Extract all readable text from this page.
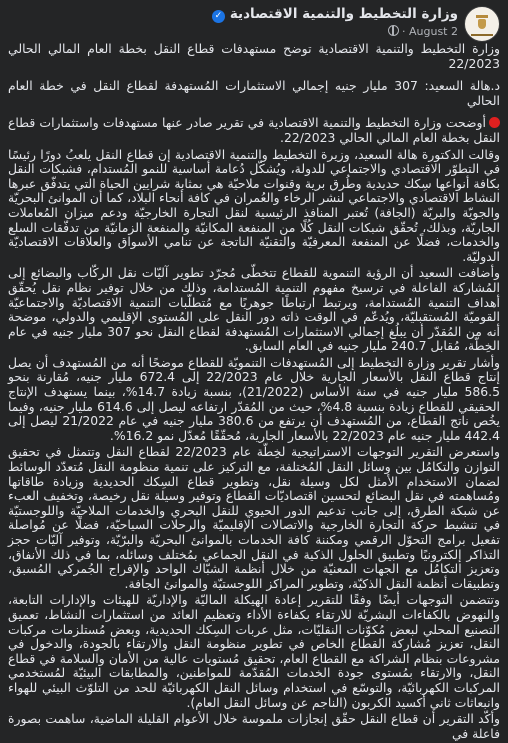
وزارة التخطيط والتنمية الاقتصادية
✓
August 2 ·

وزارة التخطيط والتنمية الاقتصادية توضح مستهدفات قطاع النقل بخطة العام المالي الحالي 22/2023

د.هالة السعيد: 307 مليار جنيه إجمالي الاستثمارات المُستهدفة لقطاع النقل في خطة العام الحالي

أوضحت وزارة التخطيط والتنمية الاقتصادية في تقرير صادر عنها مستهدفات واستثمارات قطاع النقل بخطة العام المالي الحالي 22/2023.

وقالت الدكتورة هالة السعيد، وزيرة التخطيط والتنمية الاقتصادية إن قطاع النقل يلعبُ دورًا رئيسًا في التطوّر الاقتصادي والاجتماعي للدولة، ويُشكّل دُعامة أساسية للنمو المُستدام، فشبكات النقل بكافة أنواعها سِكك حديدية وطُرق برية وقنوات ملاحيّة هي بمثابة شرايين الحياة التي يتدفّق عبرها النشاط الاقتصادي والاجتماعي لنشر الرخاء والعُمران في كافة أنحاء البلاد، كما أن الموانئ البحريّة والجويّة والبريّة (الجافة) تُعتبر المنافذ الرئيسية لنقل التجارة الخارجيّة ودعم ميزان المُعاملات الجاريّة، وبذلك، تُحقّق شبكات النقل كُلًا من المنفعة المكانيّة والمنفعة الزمانيّة من تدفّقات السلع والخدمات، فضلًا عن المنفعة المعرفيّة والتقنيّة الناتجة عن تنامي الأسواق والعلاقات الاقتصاديّة الدوليّة.

وأضافت السعيد أن الرؤية التنموية للقطاع تتخطّى مُجرّد تطوير آليّات نقل الركّاب والبضائع إلى المُشاركة الفاعلة في ترسيخ مفهوم التنمية المُستدامة، وذلك من خلال توفير نظام نقل يُحقّق أهداف التنمية المُستدامة، ويرتبط ارتباطًا جوهريًا مع مُتطلّبات التنمية الاقتصاديّة والاجتماعيّة القوميّة المُستقبليّة، ويُدعّم في الوقت ذاته دور النقل على المُستوى الإقليمي والدولي، موضحة أنه من المُقدّر أن يبلُغ إجمالي الاستثمارات المُستهدفة لقطاع النقل نحو 307 مليار جنيه في عام الخِطّة، مُقابل 240.7 مليار جنيه في العام السابق.

وأشار تقرير وزارة التخطيط إلى المُستهدفات التنمويّة للقطاع موضحًا أنه من المُستهدف أن يصل إنتاج قطاع النقل بالأسعار الجارية خلال عام 22/2023 إلى 672.4 مليار جنيه، مُقارنة بنحو 586.5 مليار جنيه في سنة الأساس (21/2022)، بنسبة زيادة 14.7%، بينما يستهدف الإنتاج الحقيقي للقطاع زيادة بنسبة 4.8%، حيث من المُقدّر ارتفاعه ليصل إلى 614.6 مليار جنيه، وفيما يخُص ناتج القطاع، من المُستهدف أن يرتفع من 380.6 مليار جنيه في عام 21/2022 ليصل إلى 442.4 مليار جنيه عام 22/2023 بالأسعار الجارية، مُحقّقًا مُعدّل نمو 16.2%.

واستعرض التقرير التوجهات الاستراتيجية لخِطّة عام 22/2023 لقطاع النقل وتتمثل في تحقيق التوازن والتكامُل بين وسائل النقل المُختلفة، مع التركيز على تنمية منظومة النقل مُتعدّد الوسائط لضمان الاستخدام الأمثل لكل وسيلة نقل، وتطوير قطاع السِكك الحديدية وزيادة طاقاتها ومُساهمته في نقل البضائع لتحسين اقتصاديّات القطاع وتوفير وسيلة نقل رخيصة، وتخفيف العبء عن شبكة الطرق، إلى جانب تدعيم الدور الحيوي للنقل البحري والخدمات الملاحيّة واللوجستيّة في تنشيط حركة التجارة الخارجية والاتصالات الإقليميّة والرحلات السياحيّة، فضلًا عن مُواصلة تفعيل برامج التحوّل الرقمي ومكننة كافة الخدمات بالموانئ البحريّة والبرّيّة، وتوفير آليّات حجز التذاكر إلكترونيًا وتطبيق الحلول الذكية في النقل الجماعي بمُختلف وسائله، بما في ذلك الأنفاق، وتعزيز التكامُل مع الجهات المعنيّة من خلال أنظمة الشبّاك الواحد والإفراج الجُمركي المُسبق، وتطبيقات أنظمة النقل الذكيّة، وتطوير المراكز اللوجستيّة والموانئ الجافة.

وتتضمن التوجهات أيضًا وفقًا للتقرير إعادة الهيكلة الماليّة والإداريّة للهيئات والإدارات التابعة، والنهوض بالكفاءات البشريّة للارتقاء بكفاءة الأداء وتعظيم العائد من استثمارات النشاط، تعميق التصنيع المحلي لبعض مُكوّنات النقليّات، مثل عربات السِكك الحديدية، وبعض مُستلزمات مركبات النقل، تعزيز مُشاركة القطاع الخاص في تطوير منظومة النقل والارتقاء بالجودة، والدخول في مشروعات بنظام الشراكة مع القطاع العام، تحقيق مُستويات عالية من الأمان والسلامة في قطاع النقل، والارتقاء بمُستوى جودة الخدمات المُقدّمة للمواطنين، والمطابقات البيئيّة لمُستخدمي المركبات الكهربائيّة، والتوسّع في استخدام وسائل النقل الكهربائيّة للحد من التلوّث البيئي للهواء وانبعاثات ثاني أكسيد الكربون (الناجم عن وسائل النقل العام).

وأكّد التقرير أن قطاع النقل حقّق إنجازات ملموسة خلال الأعوام القليلة الماضية، ساهمت بصورة فاعلة في
